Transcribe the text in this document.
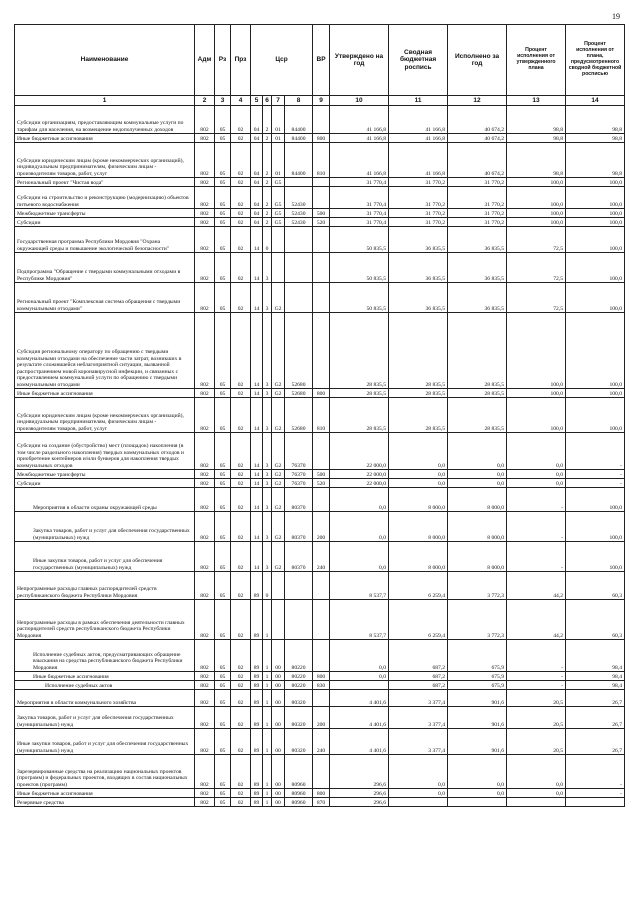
19
Наименование	Адм	Рз	Прз	Цср				ВР	Утверждено на год	Сводная бюджетная роспись	Исполнено за год	Процент исполнения от утвержденного плана	Процент исполнения от плана, предусмотренного сводной бюджетной росписью
1	2	3	4	5	6	7	8	9	10	11	12	13	14
Субсидии организациям, предоставляющим коммунальные услуги по тарифам для населения, на возмещение недополученных доходов	802	05	02	04	2	01	84400		41 166,8	41 166,8	40 674,2	98,8	98,8
Иные бюджетные ассигнования	802	05	02	04	2	01	84400	800	41 166,8	41 166,8	40 674,2	98,8	98,8
Субсидии юридическим лицам (кроме некоммерческих организаций), индивидуальным предпринимателям, физическим лицам - производителям товаров, работ, услуг	802	05	02	04	2	01	84400	810	41 166,8	41 166,8	40 674,2	98,8	98,8
Региональный проект "Чистая вода"	802	05	02	04	2	G5			31 770,4	31 770,2	31 770,2	100,0	100,0
Субсидии на строительство и реконструкцию (модернизацию) объектов питьевого водоснабжения	802	05	02	04	2	G5	52430		31 770,4	31 770,2	31 770,2	100,0	100,0
Межбюджетные трансферты	802	05	02	04	2	G5	52430	500	31 770,4	31 770,2	31 770,2	100,0	100,0
Субсидии	802	05	02	04	2	G5	52430	520	31 770,4	31 770,2	31 770,2	100,0	100,0
Государственная программа Республики Мордовия "Охрана окружающей среды и повышение экологической безопасности"	802	05	02	14	0				50 835,5	36 835,5	36 835,5	72,5	100,0
Подпрограмма "Обращение с твердыми коммунальными отходами в Республике Мордовия"	802	05	02	14	3				50 835,5	36 835,5	36 835,5	72,5	100,0
Региональный проект "Комплексная система обращения с твердыми коммунальными отходами"	802	05	02	14	3	G2			50 835,5	36 835,5	36 835,5	72,5	100,0
Субсидия региональному оператору по обращению с твердыми коммунальными отходами на обеспечение части затрат, возникших в результате сложившейся неблагоприятной ситуации, вызванной распространением новой коронавирусной инфекции, и связанных с предоставлением коммунальной услуги по обращению с твердыми коммунальными отходами	802	05	02	14	3	G2	52680		28 835,5	28 835,5	28 835,5	100,0	100,0
Иные бюджетные ассигнования	802	05	02	14	3	G2	52680	800	28 835,5	28 835,5	28 835,5	100,0	100,0
Субсидии юридическим лицам (кроме некоммерческих организаций), индивидуальным предпринимателям, физическим лицам - производителям товаров, работ, услуг	802	05	02	14	3	G2	52680	810	28 835,5	28 835,5	28 835,5	100,0	100,0
Субсидии на создание (обустройство) мест (площадок) накопления (в том числе раздельного накопления) твердых коммунальных отходов и приобретение контейнеров и/или бункеров для накопления твердых коммунальных отходов	802	05	02	14	3	G2	76370		22 000,0	0,0	0,0	0,0	-
Межбюджетные трансферты	802	05	02	14	3	G2	76370	500	22 000,0	0,0	0,0	0,0	-
Субсидии	802	05	02	14	3	G2	76370	520	22 000,0	0,0	0,0	0,0	-
Мероприятия в области охраны окружающей среды	802	05	02	14	3	G2	80370		0,0	8 000,0	8 000,0	-	100,0
Закупка товаров, работ и услуг для обеспечения государственных (муниципальных) нужд	802	05	02	14	3	G2	80370	200	0,0	8 000,0	8 000,0	-	100,0
Иные закупки товаров, работ и услуг для обеспечения государственных (муниципальных) нужд	802	05	02	14	3	G2	80370	240	0,0	8 000,0	8 000,0	-	100,0
Непрограммные расходы главных распорядителей средств республиканского бюджета Республики Мордовия	802	05	02	89	0				8 537,7	6 259,4	3 772,3	44,2	60,3
Непрограммные расходы в рамках обеспечения деятельности главных распорядителей средств республиканского бюджета Республики Мордовия	802	05	02	89	1				8 537,7	6 259,4	3 772,3	44,2	60,3
Исполнение судебных актов, предусматривающих обращение взыскания на средства республиканского бюджета Республики Мордовия	802	05	02	89	1	00	80220		0,0	687,2	675,9	-	98,4
Иные бюджетные ассигнования	802	05	02	89	1	00	80220	800	0,0	687,2	675,9	-	98,4
Исполнение судебных актов	802	05	02	89	1	00	80220	830		687,2	675,9	-	98,4
Мероприятия в области коммунального хозяйства	802	05	02	89	1	00	80320		4 401,6	3 377,4	901,6	20,5	26,7
Закупка товаров, работ и услуг для обеспечения государственных (муниципальных) нужд	802	05	02	89	1	00	80320	200	4 401,6	3 377,4	901,6	20,5	26,7
Иные закупки товаров, работ и услуг для обеспечения государственных (муниципальных) нужд	802	05	02	89	1	00	80320	240	4 401,6	3 377,4	901,6	20,5	26,7
Зарезервированные средства на реализацию национальных проектов (программ) и федеральных проектов, входящих в состав национальных проектов (программ)	802	05	02	89	1	00	80960		296,6	0,0	0,0	0,0	-
Иные бюджетные ассигнования	802	05	02	89	1	00	80960	800	296,6	0,0	0,0	0,0	-
Резервные средства	802	05	02	89	1	00	80960	870	296,6				
